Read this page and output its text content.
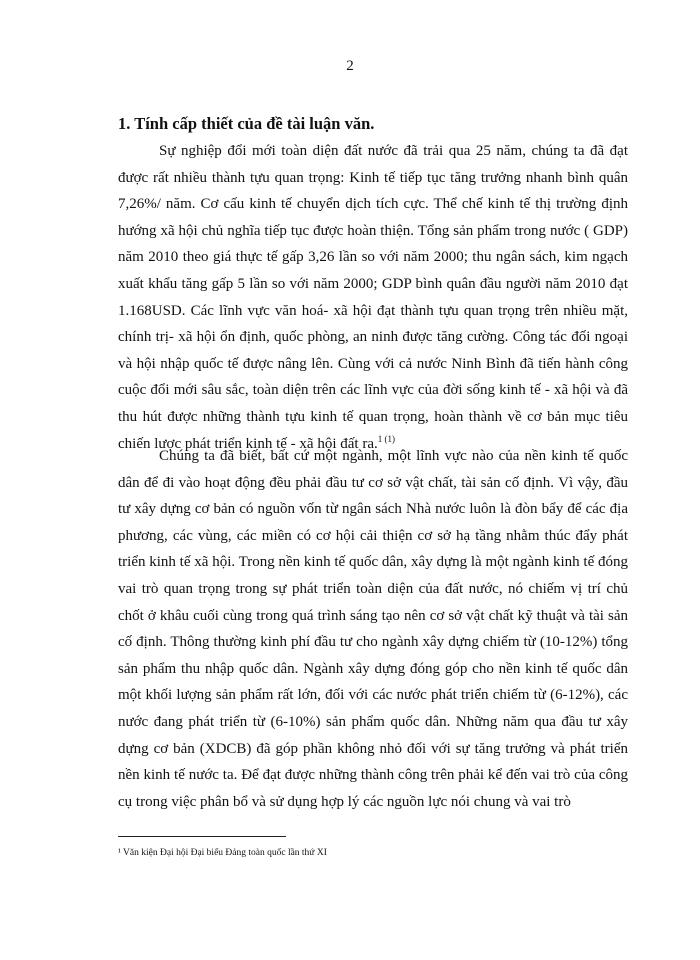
2
1. Tính cấp thiết của đề tài luận văn.

Sự nghiệp đổi mới toàn diện đất nước đã trải qua 25 năm, chúng ta đã đạt được rất nhiều thành tựu quan trọng: Kinh tế tiếp tục tăng trưởng nhanh bình quân 7,26%/ năm. Cơ cấu kinh tế chuyển dịch tích cực. Thể chế kinh tế thị trường định hướng xã hội chủ nghĩa tiếp tục được hoàn thiện. Tổng sản phẩm trong nước ( GDP) năm 2010 theo giá thực tế gấp 3,26 lần so với năm 2000; thu ngân sách, kim ngạch xuất khẩu tăng gấp 5 lần so với năm 2000; GDP bình quân đầu người năm 2010 đạt 1.168USD. Các lĩnh vực văn hoá- xã hội đạt thành tựu quan trọng trên nhiều mặt, chính trị- xã hội ổn định, quốc phòng, an ninh được tăng cường. Công tác đối ngoại và hội nhập quốc tế được nâng lên. Cùng với cả nước Ninh Bình đã tiến hành công cuộc đổi mới sâu sắc, toàn diện trên các lĩnh vực của đời sống kinh tế - xã hội và đã thu hút được những thành tựu kinh tế quan trọng, hoàn thành về cơ bản mục tiêu chiến lược phát triển kinh tế - xã hội đất ra.$^{1 (1)}$

Chúng ta đã biết, bất cứ một ngành, một lĩnh vực nào của nền kinh tế quốc dân để đi vào hoạt động đều phải đầu tư cơ sở vật chất, tài sản cố định. Vì vậy, đầu tư xây dựng cơ bản có nguồn vốn từ ngân sách Nhà nước luôn là đòn bẩy để các địa phương, các vùng, các miền có cơ hội cải thiện cơ sở hạ tầng nhằm thúc đẩy phát triển kinh tế xã hội. Trong nền kinh tế quốc dân, xây dựng là một ngành kinh tế đóng vai trò quan trọng trong sự phát triển toàn diện của đất nước, nó chiếm vị trí chủ chốt ở khâu cuối cùng trong quá trình sáng tạo nên cơ sở vật chất kỹ thuật và tài sản cố định. Thông thường kinh phí đầu tư cho ngành xây dựng chiếm từ (10-12%) tổng sản phẩm thu nhập quốc dân. Ngành xây dựng đóng góp cho nền kinh tế quốc dân một khối lượng sản phẩm rất lớn, đối với các nước phát triển chiếm từ (6-12%), các nước đang phát triển từ (6-10%) sản phẩm quốc dân. Những năm qua đầu tư xây dựng cơ bản (XDCB) đã góp phần không nhỏ đối với sự tăng trưởng và phát triển nền kinh tế nước ta. Để đạt được những thành công trên phải kể đến vai trò của công cụ trong việc phân bổ và sử dụng hợp lý các nguồn lực nói chung và vai trò

¹ Văn kiện Đại hội Đại biểu Đảng toàn quốc lần thứ XI
